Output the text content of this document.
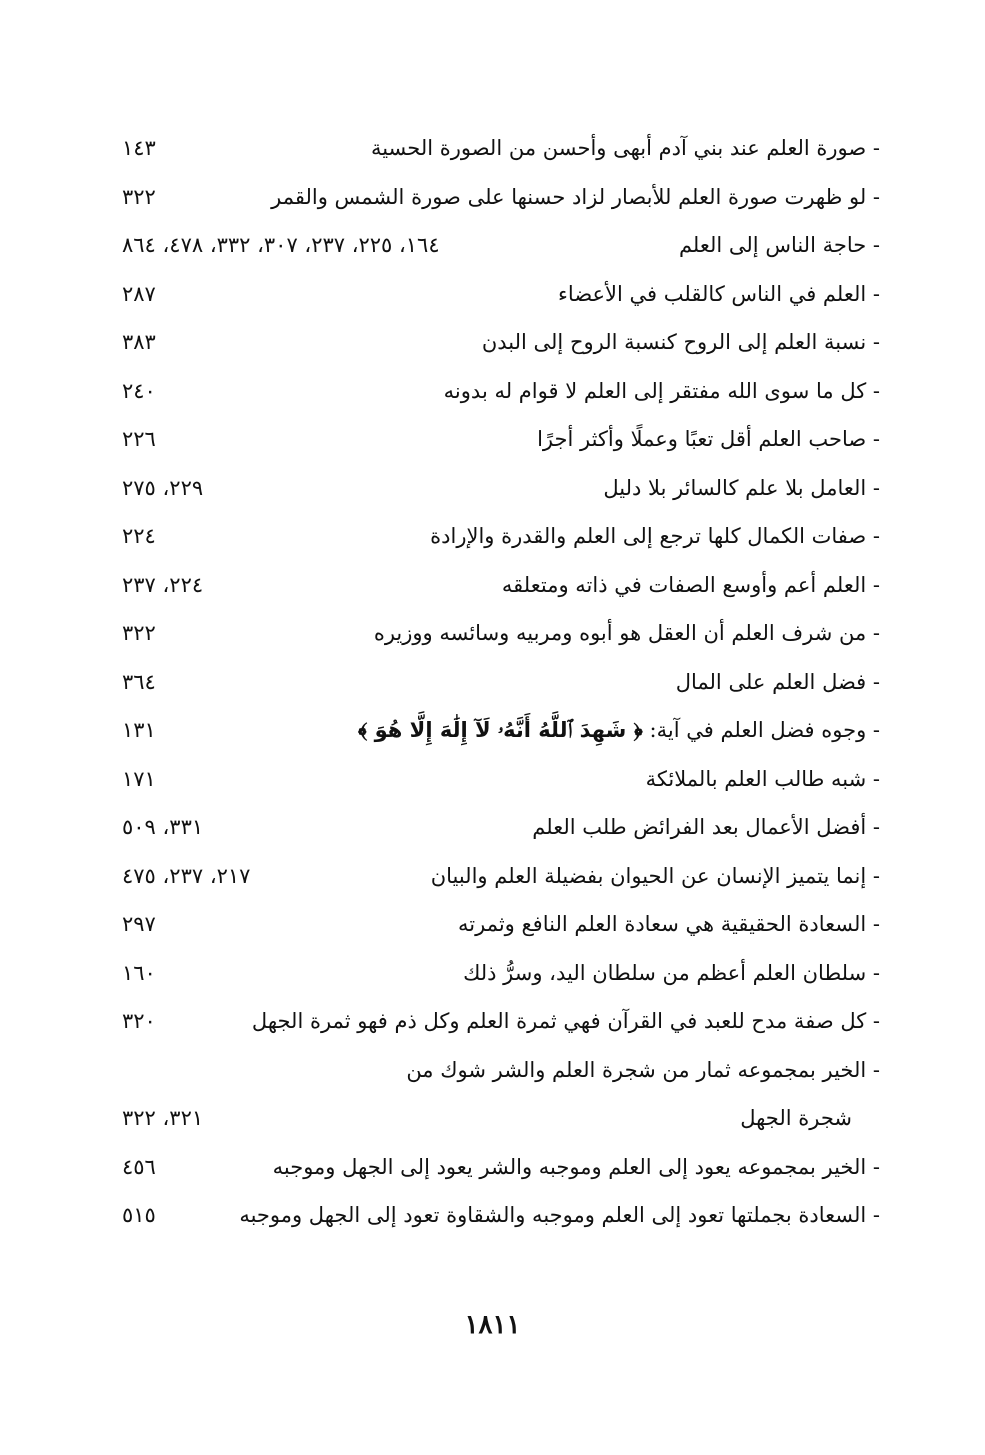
- صورة العلم عند بني آدم أبهى وأحسن من الصورة الحسية
١٤٣
- لو ظهرت صورة العلم للأبصار لزاد حسنها على صورة الشمس والقمر
٣٢٢
- حاجة الناس إلى العلم
١٦٤، ٢٢٥، ٢٣٧، ٣٠٧، ٣٣٢، ٤٧٨، ٨٦٤
- العلم في الناس كالقلب في الأعضاء
٢٨٧
- نسبة العلم إلى الروح كنسبة الروح إلى البدن
٣٨٣
- كل ما سوى الله مفتقر إلى العلم لا قوام له بدونه
٢٤٠
- صاحب العلم أقل تعبًا وعملًا وأكثر أجرًا
٢٢٦
- العامل بلا علم كالسائر بلا دليل
٢٢٩، ٢٧٥
- صفات الكمال كلها ترجع إلى العلم والقدرة والإرادة
٢٢٤
- العلم أعم وأوسع الصفات في ذاته ومتعلقه
٢٢٤، ٢٣٧
- من شرف العلم أن العقل هو أبوه ومربيه وسائسه ووزيره
٣٢٢
- فضل العلم على المال
٣٦٤
- وجوه فضل العلم في آية: ﴿ شَهِدَ ٱللَّهُ أَنَّهُۥ لَآ إِلَٰهَ إِلَّا هُوَ ﴾
١٣١
- شبه طالب العلم بالملائكة
١٧١
- أفضل الأعمال بعد الفرائض طلب العلم
٣٣١، ٥٠٩
- إنما يتميز الإنسان عن الحيوان بفضيلة العلم والبيان
٢١٧، ٢٣٧، ٤٧٥
- السعادة الحقيقية هي سعادة العلم النافع وثمرته
٢٩٧
- سلطان العلم أعظم من سلطان اليد، وسرُّ ذلك
١٦٠
- كل صفة مدح للعبد في القرآن فهي ثمرة العلم وكل ذم فهو ثمرة الجهل
٣٢٠
- الخير بمجموعه ثمار من شجرة العلم والشر شوك من
شجرة الجهل
٣٢١، ٣٢٢
- الخير بمجموعه يعود إلى العلم وموجبه والشر يعود إلى الجهل وموجبه
٤٥٦
- السعادة بجملتها تعود إلى العلم وموجبه والشقاوة تعود إلى الجهل وموجبه
٥١٥
١٨١١
